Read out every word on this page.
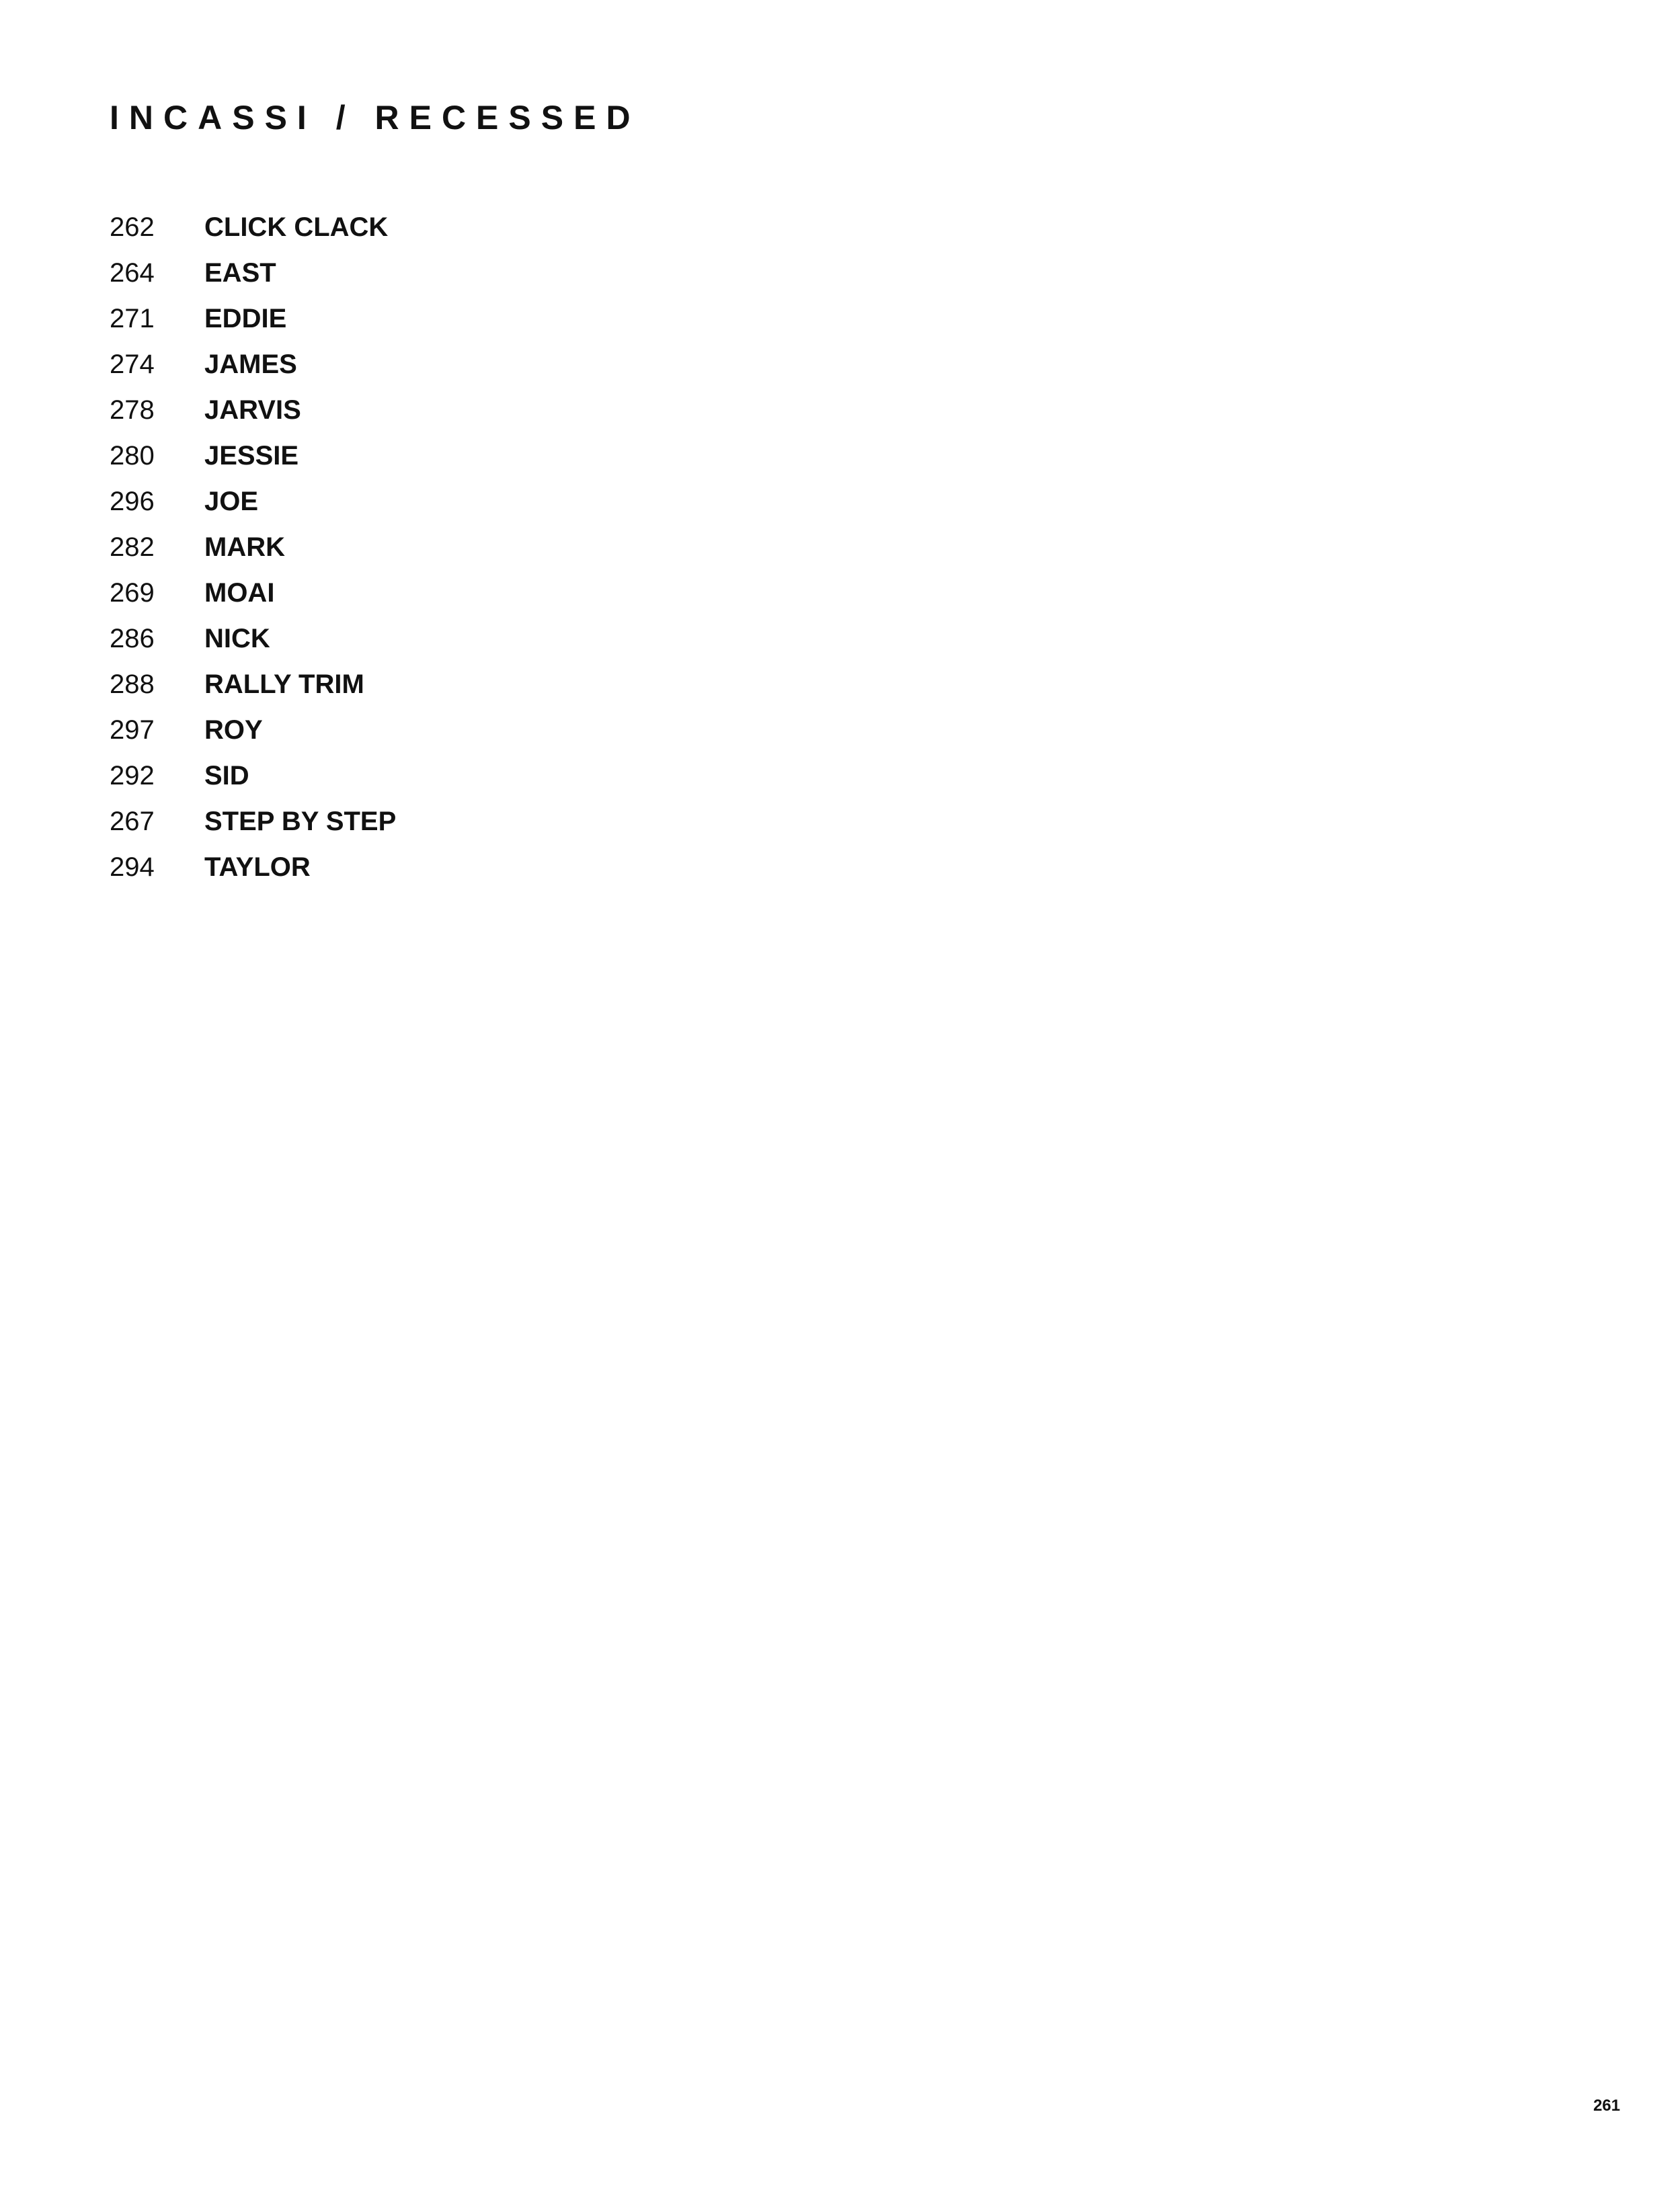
INCASSI / RECESSED
262	CLICK CLACK
264	EAST
271	EDDIE
274	JAMES
278	JARVIS
280	JESSIE
296	JOE
282	MARK
269	MOAI
286	NICK
288	RALLY TRIM
297	ROY
292	SID
267	STEP BY STEP
294	TAYLOR
261
